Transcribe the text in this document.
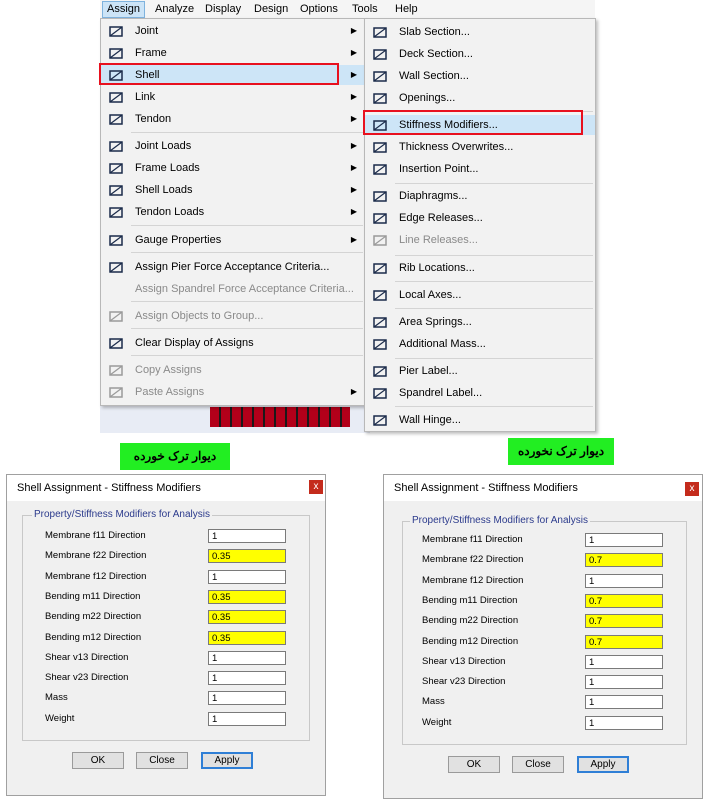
Assign	Analyze Display	Design	Options	Tools	Help
Joint	▶
Frame	▶
Shell	▶
Link	▶
Tendon	▶
Joint Loads	▶
Frame Loads	▶
Shell Loads	▶
Tendon Loads	▶
Gauge Properties	▶
Assign Pier Force Acceptance Criteria...
Assign Spandrel Force Acceptance Criteria...
Assign Objects to Group...
Clear Display of Assigns
Copy Assigns
Paste Assigns	▶
Slab Section...
Deck Section...
Wall Section...
Openings...
Stiffness Modifiers...
Thickness Overwrites...
Insertion Point...
Diaphragms...
Edge Releases...
Line Releases...
Rib Locations...
Local Axes...
Area Springs...
Additional Mass...
Pier Label...
Spandrel Label...
Wall Hinge...
دیوار ترک خورده	دیوار ترک نخورده
Shell Assignment - Stiffness Modifiers	x
Property/Stiffness Modifiers for Analysis
Membrane f11 Direction	1
Membrane f22 Direction	0.35
Membrane f12 Direction	1
Bending m11 Direction	0.35
Bending m22 Direction	0.35
Bending m12 Direction	0.35
Shear v13 Direction	1
Shear v23 Direction	1
Mass	1
Weight	1
OK	Close	Apply
Shell Assignment - Stiffness Modifiers	x
Property/Stiffness Modifiers for Analysis
Membrane f11 Direction	1
Membrane f22 Direction	0.7
Membrane f12 Direction	1
Bending m11 Direction	0.7
Bending m22 Direction	0.7
Bending m12 Direction	0.7
Shear v13 Direction	1
Shear v23 Direction	1
Mass	1
Weight	1
OK	Close	Apply
